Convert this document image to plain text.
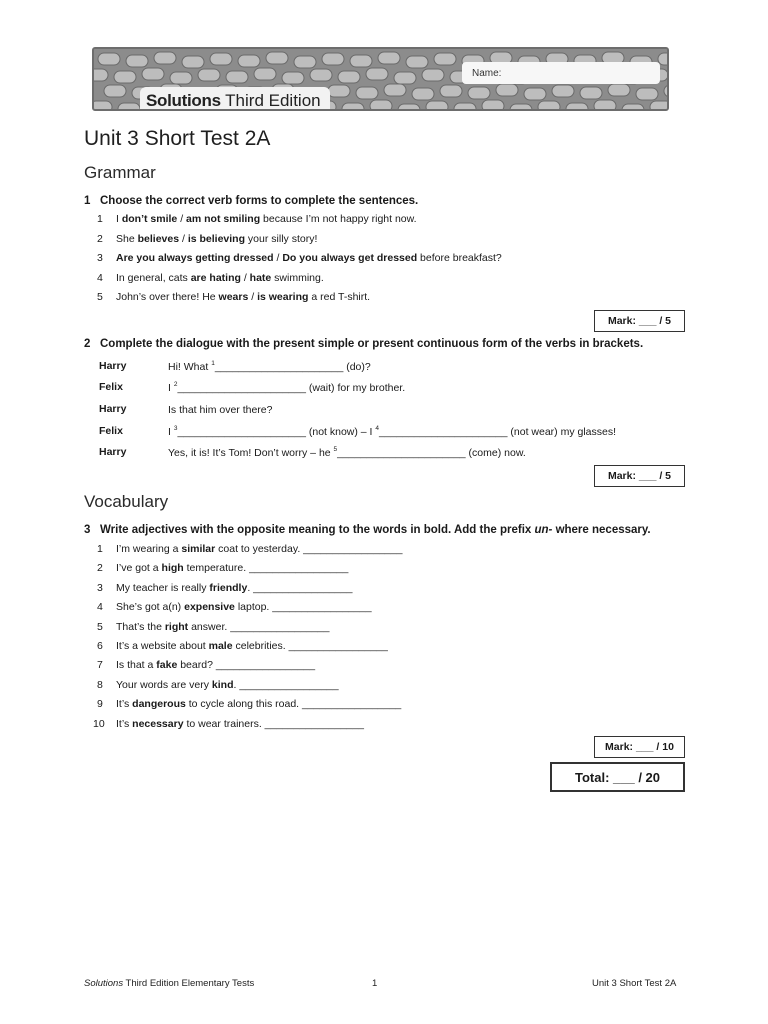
Solutions Third Edition
Name:
Unit 3 Short Test 2A
Grammar
1 Choose the correct verb forms to complete the sentences.
1 I don’t smile / am not smiling because I’m not happy right now.
2 She believes / is believing your silly story!
3 Are you always getting dressed / Do you always get dressed before breakfast?
4 In general, cats are hating / hate swimming.
5 John’s over there! He wears / is wearing a red T-shirt.
Mark: ___ / 5
2 Complete the dialogue with the present simple or present continuous form of the verbs in brackets.
Harry	Hi! What $^1$______________________ (do)?
Felix	I $^2$______________________ (wait) for my brother.
Harry	Is that him over there?
Felix	I $^3$______________________ (not know) – I $^4$______________________ (not wear) my glasses!
Harry	Yes, it is! It’s Tom! Don’t worry – he $^5$______________________ (come) now.
Mark: ___ / 5
Vocabulary
3 Write adjectives with the opposite meaning to the words in bold. Add the prefix un- where necessary.
1 I’m wearing a similar coat to yesterday. _________________
2 I’ve got a high temperature. _________________
3 My teacher is really friendly. _________________
4 She’s got a(n) expensive laptop. _________________
5 That’s the right answer. _________________
6 It’s a website about male celebrities. _________________
7 Is that a fake beard? _________________
8 Your words are very kind. _________________
9 It’s dangerous to cycle along this road. _________________
10 It’s necessary to wear trainers. _________________
Mark: ___ / 10
Total: ___ / 20
Solutions Third Edition Elementary Tests	1	Unit 3 Short Test 2A
